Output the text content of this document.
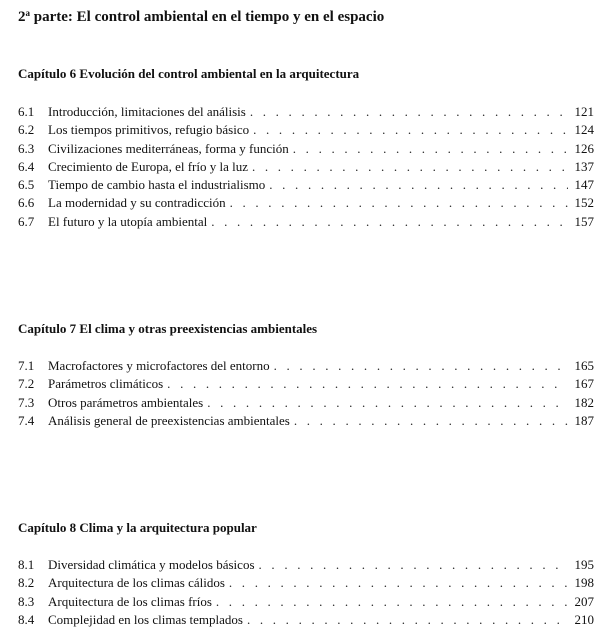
2$^a$ parte: El control ambiental en el tiempo y en el espacio
Capítulo 6 Evolución del control ambiental en la arquitectura
6.1	Introducción, limitaciones del análisis . . .	121
6.2	Los tiempos primitivos, refugio básico . . .	124
6.3	Civilizaciones mediterráneas, forma y función . . .	126
6.4	Crecimiento de Europa, el frío y la luz . . .	137
6.5	Tiempo de cambio hasta el industrialismo . . .	147
6.6	La modernidad y su contradicción . . .	152
6.7	El futuro y la utopía ambiental . . .	157
Capítulo 7 El clima y otras preexistencias ambientales
7.1	Macrofactores y microfactores del entorno . . .	165
7.2	Parámetros climáticos . . .	167
7.3	Otros parámetros ambientales . . .	182
7.4	Análisis general de preexistencias ambientales . . .	187
Capítulo 8 Clima y la arquitectura popular
8.1	Diversidad climática y modelos básicos . . .	195
8.2	Arquitectura de los climas cálidos . . .	198
8.3	Arquitectura de los climas fríos . . .	207
8.4	Complejidad en los climas templados . . .	210
